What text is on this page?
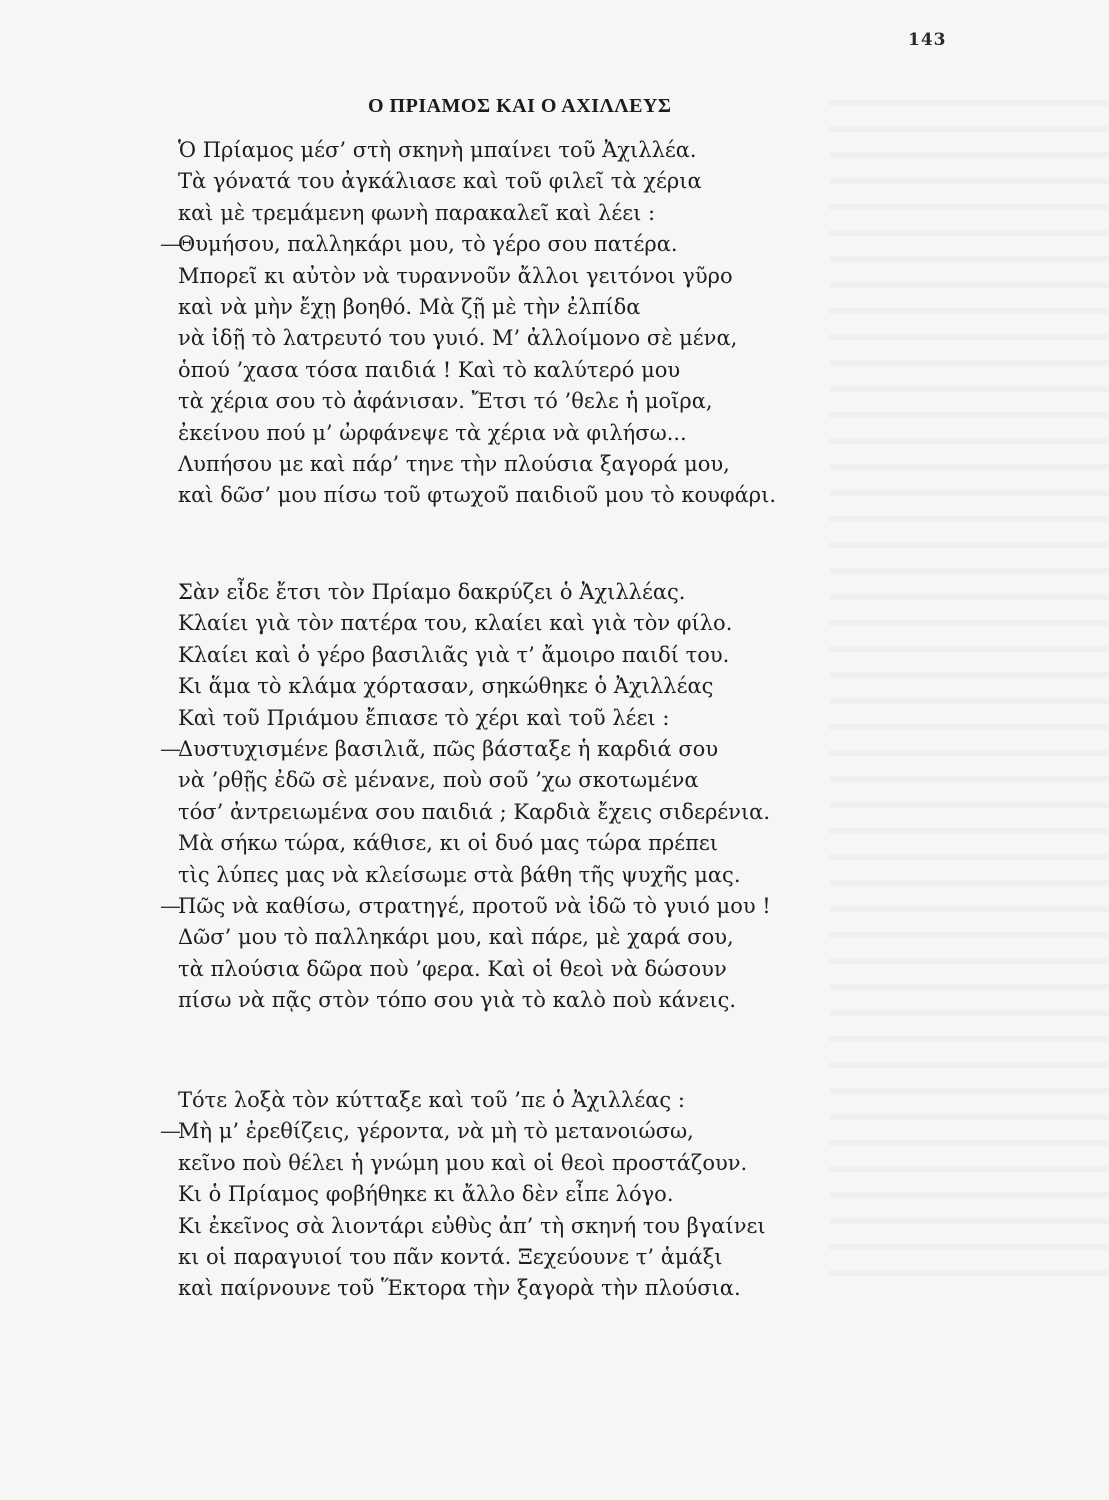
143
Ο ΠΡΙΑΜΟΣ ΚΑΙ Ο ΑΧΙΛΛΕΥΣ
Ὁ Πρίαμος μέσ’ στὴ σκηνὴ μπαίνει τοῦ Ἀχιλλέα.
Τὰ γόνατά του ἀγκάλιασε καὶ τοῦ φιλεῖ τὰ χέρια
καὶ μὲ τρεμάμενη φωνὴ παρακαλεῖ καὶ λέει :
—
Θυμήσου, παλληκάρι μου, τὸ γέρο σου πατέρα.
Μπορεῖ κι αὐτὸν νὰ τυραννοῦν ἄλλοι γειτόνοι γῦρο
καὶ νὰ μὴν ἔχῃ βοηθό. Μὰ ζῇ μὲ τὴν ἐλπίδα
νὰ ἰδῇ τὸ λατρευτό του γυιό. Μ’ ἀλλοίμονο σὲ μένα,
ὁπού ’χασα τόσα παιδιά ! Καὶ τὸ καλύτερό μου
τὰ χέρια σου τὸ ἀφάνισαν. Ἔτσι τό ’θελε ἡ μοῖρα,
ἐκείνου πού μ’ ὠρφάνεψε τὰ χέρια νὰ φιλήσω...
Λυπήσου με καὶ πάρ’ τηνε τὴν πλούσια ξαγορά μου,
καὶ δῶσ’ μου πίσω τοῦ φτωχοῦ παιδιοῦ μου τὸ κουφάρι.
Σὰν εἶδε ἔτσι τὸν Πρίαμο δακρύζει ὁ Ἀχιλλέας.
Κλαίει γιὰ τὸν πατέρα του, κλαίει καὶ γιὰ τὸν φίλο.
Κλαίει καὶ ὁ γέρο βασιλιᾶς γιὰ τ’ ἄμοιρο παιδί του.
Κι ἅμα τὸ κλάμα χόρτασαν, σηκώθηκε ὁ Ἀχιλλέας
Καὶ τοῦ Πριάμου ἔπιασε τὸ χέρι καὶ τοῦ λέει :
—
Δυστυχισμένε βασιλιᾶ, πῶς βάσταξε ἡ καρδιά σου
νὰ ’ρθῇς ἐδῶ σὲ μένανε, ποὺ σοῦ ’χω σκοτωμένα
τόσ’ ἀντρειωμένα σου παιδιά ; Καρδιὰ ἔχεις σιδερένια.
Μὰ σήκω τώρα, κάθισε, κι οἱ δυό μας τώρα πρέπει
τὶς λύπες μας νὰ κλείσωμε στὰ βάθη τῆς ψυχῆς μας.
—
Πῶς νὰ καθίσω, στρατηγέ, προτοῦ νὰ ἰδῶ τὸ γυιό μου !
Δῶσ’ μου τὸ παλληκάρι μου, καὶ πάρε, μὲ χαρά σου,
τὰ πλούσια δῶρα ποὺ ’φερα. Καὶ οἱ θεοὶ νὰ δώσουν
πίσω νὰ πᾷς στὸν τόπο σου γιὰ τὸ καλὸ ποὺ κάνεις.
Τότε λοξὰ τὸν κύτταξε καὶ τοῦ ’πε ὁ Ἀχιλλέας :
—
Μὴ μ’ ἐρεθίζεις, γέροντα, νὰ μὴ τὸ μετανοιώσω,
κεῖνο ποὺ θέλει ἡ γνώμη μου καὶ οἱ θεοὶ προστάζουν.
Κι ὁ Πρίαμος φοβήθηκε κι ἄλλο δὲν εἶπε λόγο.
Κι ἐκεῖνος σὰ λιοντάρι εὐθὺς ἀπ’ τὴ σκηνή του βγαίνει
κι οἱ παραγυιοί του πᾶν κοντά. Ξεχεύουνε τ’ ἁμάξι
καὶ παίρνουνε τοῦ Ἕκτορα τὴν ξαγορὰ τὴν πλούσια.
